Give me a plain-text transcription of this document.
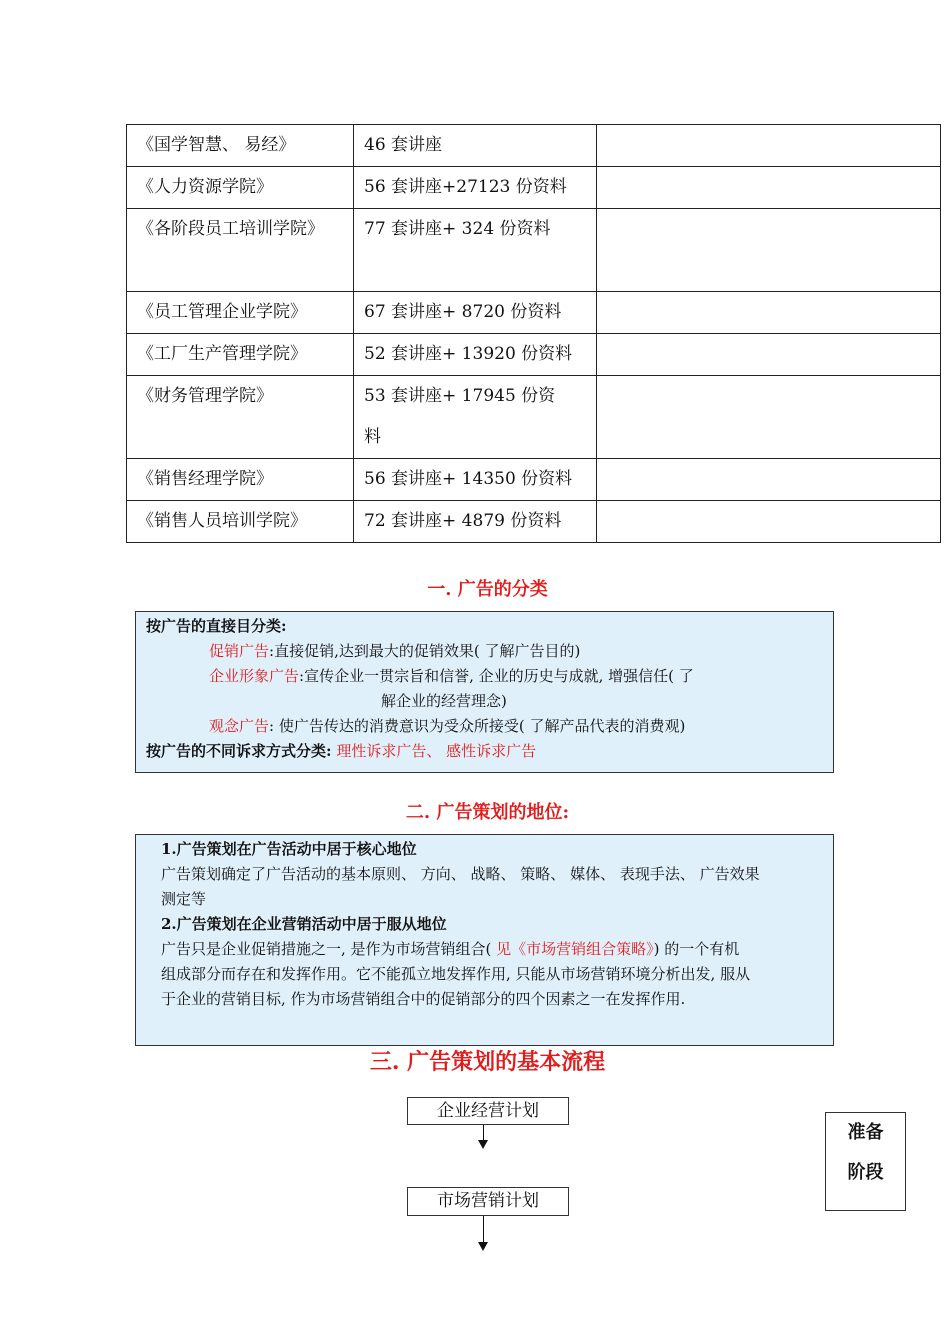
《国学智慧、 易经》	46 套讲座	
《人力资源学院》	56 套讲座+27123 份资料	
《各阶段员工培训学院》	77 套讲座+ 324 份资料	
《员工管理企业学院》	67 套讲座+ 8720 份资料	
《工厂生产管理学院》	52 套讲座+ 13920 份资料	
《财务管理学院》	53 套讲座+ 17945 份资料	
《销售经理学院》	56 套讲座+ 14350 份资料	
《销售人员培训学院》	72 套讲座+ 4879 份资料	
一. 广告的分类
按广告的直接目分类:
促销广告:直接促销,达到最大的促销效果( 了解广告目的)
企业形象广告:宣传企业一贯宗旨和信誉, 企业的历史与成就, 增强信任( 了
解企业的经营理念)
观念广告: 使广告传达的消费意识为受众所接受( 了解产品代表的消费观)
按广告的不同诉求方式分类: 理性诉求广告、 感性诉求广告
二. 广告策划的地位:
1.广告策划在广告活动中居于核心地位
广告策划确定了广告活动的基本原则、 方向、 战略、 策略、 媒体、 表现手法、 广告效果
测定等
2.广告策划在企业营销活动中居于服从地位
广告只是企业促销措施之一, 是作为市场营销组合( 见《市场营销组合策略》) 的一个有机
组成部分而存在和发挥作用。它不能孤立地发挥作用, 只能从市场营销环境分析出发, 服从
于企业的营销目标, 作为市场营销组合中的促销部分的四个因素之一在发挥作用.
三. 广告策划的基本流程
企业经营计划
市场营销计划
准备
阶段
